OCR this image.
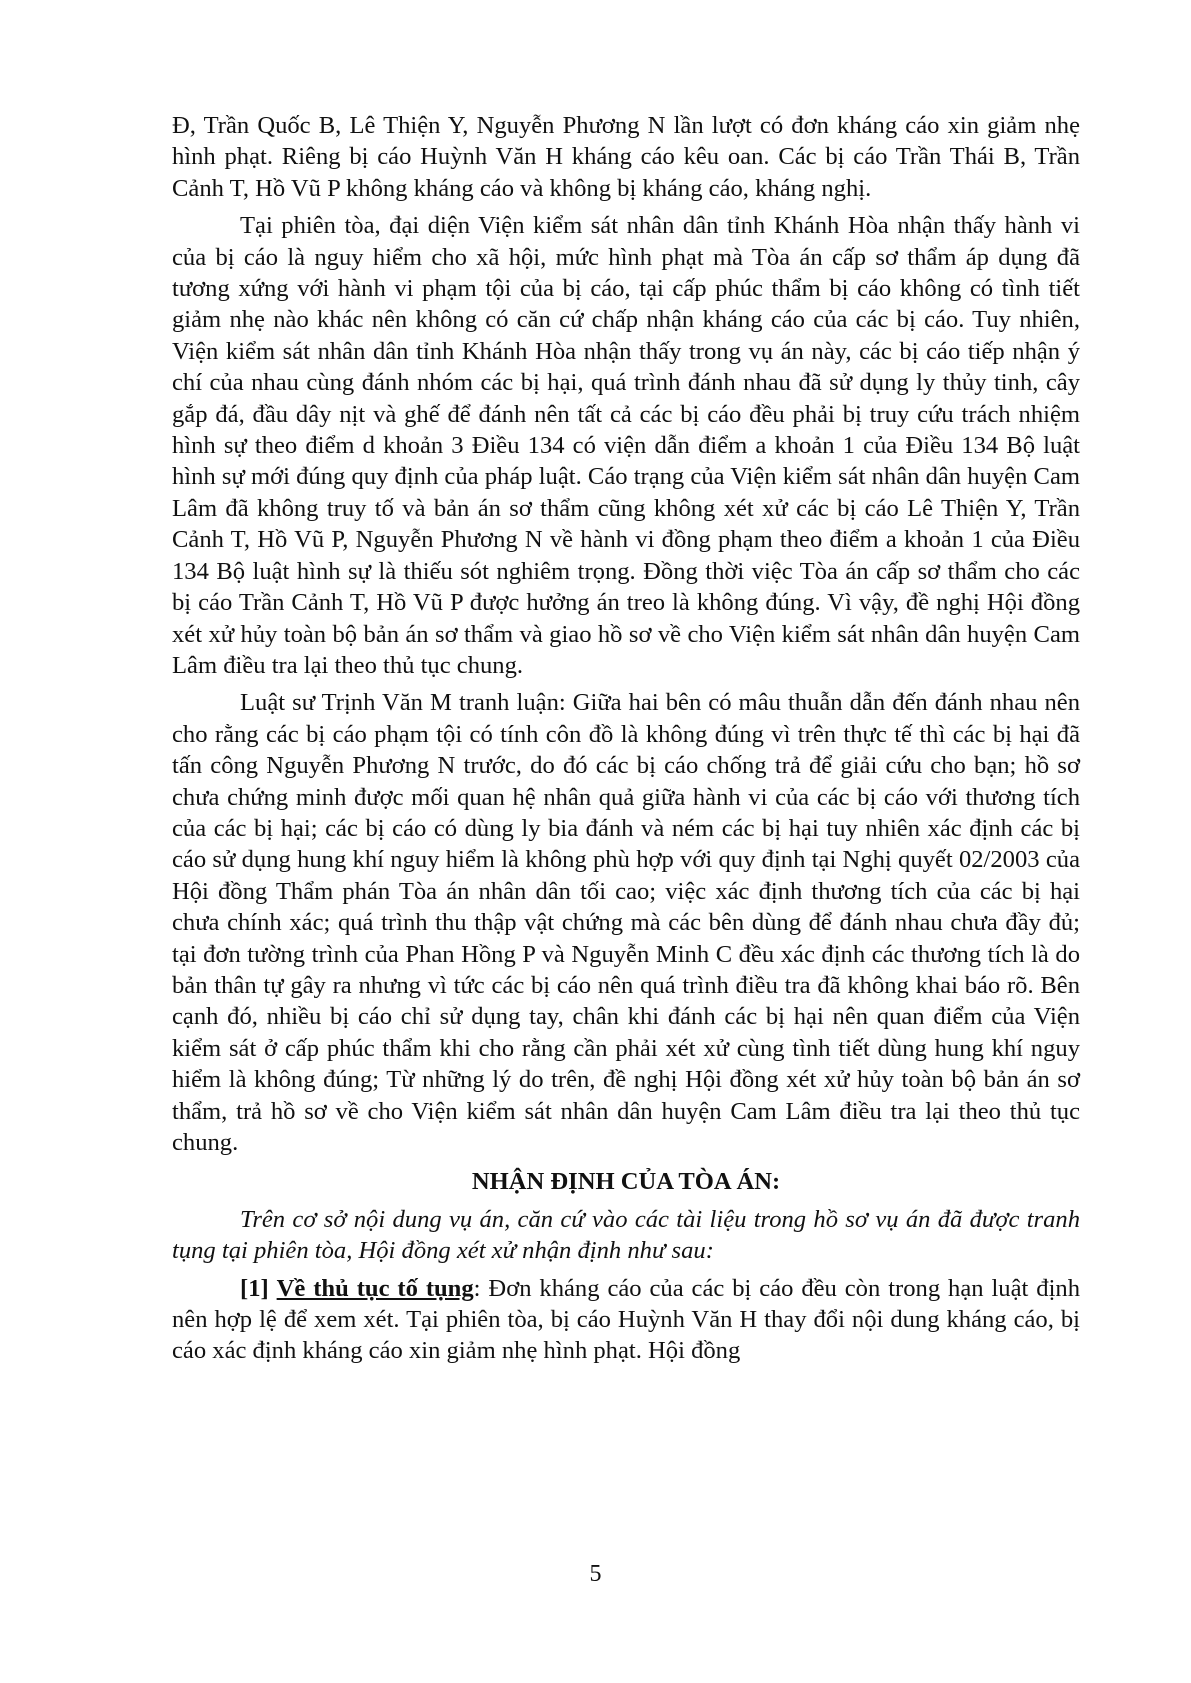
Đ, Trần Quốc B, Lê Thiện Y, Nguyễn Phương N lần lượt có đơn kháng cáo xin giảm nhẹ hình phạt. Riêng bị cáo Huỳnh Văn H kháng cáo kêu oan. Các bị cáo Trần Thái B, Trần Cảnh T, Hồ Vũ P không kháng cáo và không bị kháng cáo, kháng nghị.

Tại phiên tòa, đại diện Viện kiểm sát nhân dân tỉnh Khánh Hòa nhận thấy hành vi của bị cáo là nguy hiểm cho xã hội, mức hình phạt mà Tòa án cấp sơ thẩm áp dụng đã tương xứng với hành vi phạm tội của bị cáo, tại cấp phúc thẩm bị cáo không có tình tiết giảm nhẹ nào khác nên không có căn cứ chấp nhận kháng cáo của các bị cáo. Tuy nhiên, Viện kiểm sát nhân dân tỉnh Khánh Hòa nhận thấy trong vụ án này, các bị cáo tiếp nhận ý chí của nhau cùng đánh nhóm các bị hại, quá trình đánh nhau đã sử dụng ly thủy tinh, cây gắp đá, đầu dây nịt và ghế để đánh nên tất cả các bị cáo đều phải bị truy cứu trách nhiệm hình sự theo điểm d khoản 3 Điều 134 có viện dẫn điểm a khoản 1 của Điều 134 Bộ luật hình sự mới đúng quy định của pháp luật. Cáo trạng của Viện kiểm sát nhân dân huyện Cam Lâm đã không truy tố và bản án sơ thẩm cũng không xét xử các bị cáo Lê Thiện Y, Trần Cảnh T, Hồ Vũ P, Nguyễn Phương N về hành vi đồng phạm theo điểm a khoản 1 của Điều 134 Bộ luật hình sự là thiếu sót nghiêm trọng. Đồng thời việc Tòa án cấp sơ thẩm cho các bị cáo Trần Cảnh T, Hồ Vũ P được hưởng án treo là không đúng. Vì vậy, đề nghị Hội đồng xét xử hủy toàn bộ bản án sơ thẩm và giao hồ sơ về cho Viện kiểm sát nhân dân huyện Cam Lâm điều tra lại theo thủ tục chung.

Luật sư Trịnh Văn M tranh luận: Giữa hai bên có mâu thuẫn dẫn đến đánh nhau nên cho rằng các bị cáo phạm tội có tính côn đồ là không đúng vì trên thực tế thì các bị hại đã tấn công Nguyễn Phương N trước, do đó các bị cáo chống trả để giải cứu cho bạn; hồ sơ chưa chứng minh được mối quan hệ nhân quả giữa hành vi của các bị cáo với thương tích của các bị hại; các bị cáo có dùng ly bia đánh và ném các bị hại tuy nhiên xác định các bị cáo sử dụng hung khí nguy hiểm là không phù hợp với quy định tại Nghị quyết 02/2003 của Hội đồng Thẩm phán Tòa án nhân dân tối cao; việc xác định thương tích của các bị hại chưa chính xác; quá trình thu thập vật chứng mà các bên dùng để đánh nhau chưa đầy đủ; tại đơn tường trình của Phan Hồng P và Nguyễn Minh C đều xác định các thương tích là do bản thân tự gây ra nhưng vì tức các bị cáo nên quá trình điều tra đã không khai báo rõ. Bên cạnh đó, nhiều bị cáo chỉ sử dụng tay, chân khi đánh các bị hại nên quan điểm của Viện kiểm sát ở cấp phúc thẩm khi cho rằng cần phải xét xử cùng tình tiết dùng hung khí nguy hiểm là không đúng; Từ những lý do trên, đề nghị Hội đồng xét xử hủy toàn bộ bản án sơ thẩm, trả hồ sơ về cho Viện kiểm sát nhân dân huyện Cam Lâm điều tra lại theo thủ tục chung.

NHẬN ĐỊNH CỦA TÒA ÁN:

Trên cơ sở nội dung vụ án, căn cứ vào các tài liệu trong hồ sơ vụ án đã được tranh tụng tại phiên tòa, Hội đồng xét xử nhận định như sau:

[1] Về thủ tục tố tụng: Đơn kháng cáo của các bị cáo đều còn trong hạn luật định nên hợp lệ để xem xét. Tại phiên tòa, bị cáo Huỳnh Văn H thay đổi nội dung kháng cáo, bị cáo xác định kháng cáo xin giảm nhẹ hình phạt. Hội đồng

5
